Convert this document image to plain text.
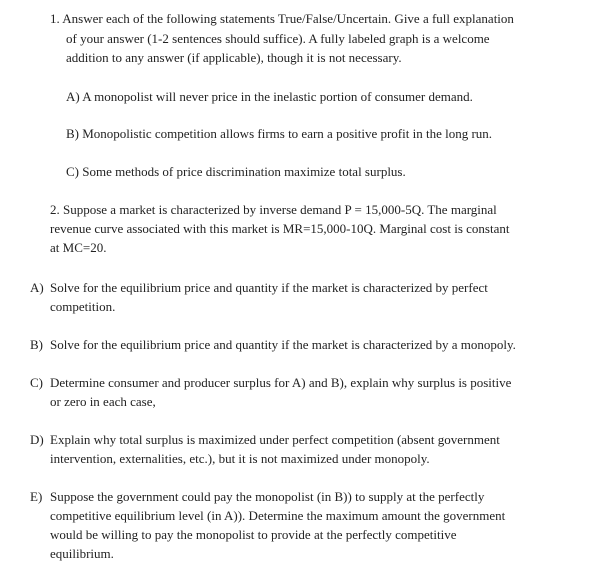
1. Answer each of the following statements True/False/Uncertain. Give a full explanation
of your answer (1-2 sentences should suffice). A fully labeled graph is a welcome
addition to any answer (if applicable), though it is not necessary.
A) A monopolist will never price in the inelastic portion of consumer demand.
B) Monopolistic competition allows firms to earn a positive profit in the long run.
C) Some methods of price discrimination maximize total surplus.
2. Suppose a market is characterized by inverse demand P = 15,000-5Q. The marginal
revenue curve associated with this market is MR=15,000-10Q. Marginal cost is constant
at MC=20.
A) Solve for the equilibrium price and quantity if the market is characterized by perfect
competition.
B) Solve for the equilibrium price and quantity if the market is characterized by a monopoly.
C) Determine consumer and producer surplus for A) and B), explain why surplus is positive
or zero in each case,
D) Explain why total surplus is maximized under perfect competition (absent government
intervention, externalities, etc.), but it is not maximized under monopoly.
E) Suppose the government could pay the monopolist (in B)) to supply at the perfectly
competitive equilibrium level (in A)). Determine the maximum amount the government
would be willing to pay the monopolist to provide at the perfectly competitive
equilibrium.
